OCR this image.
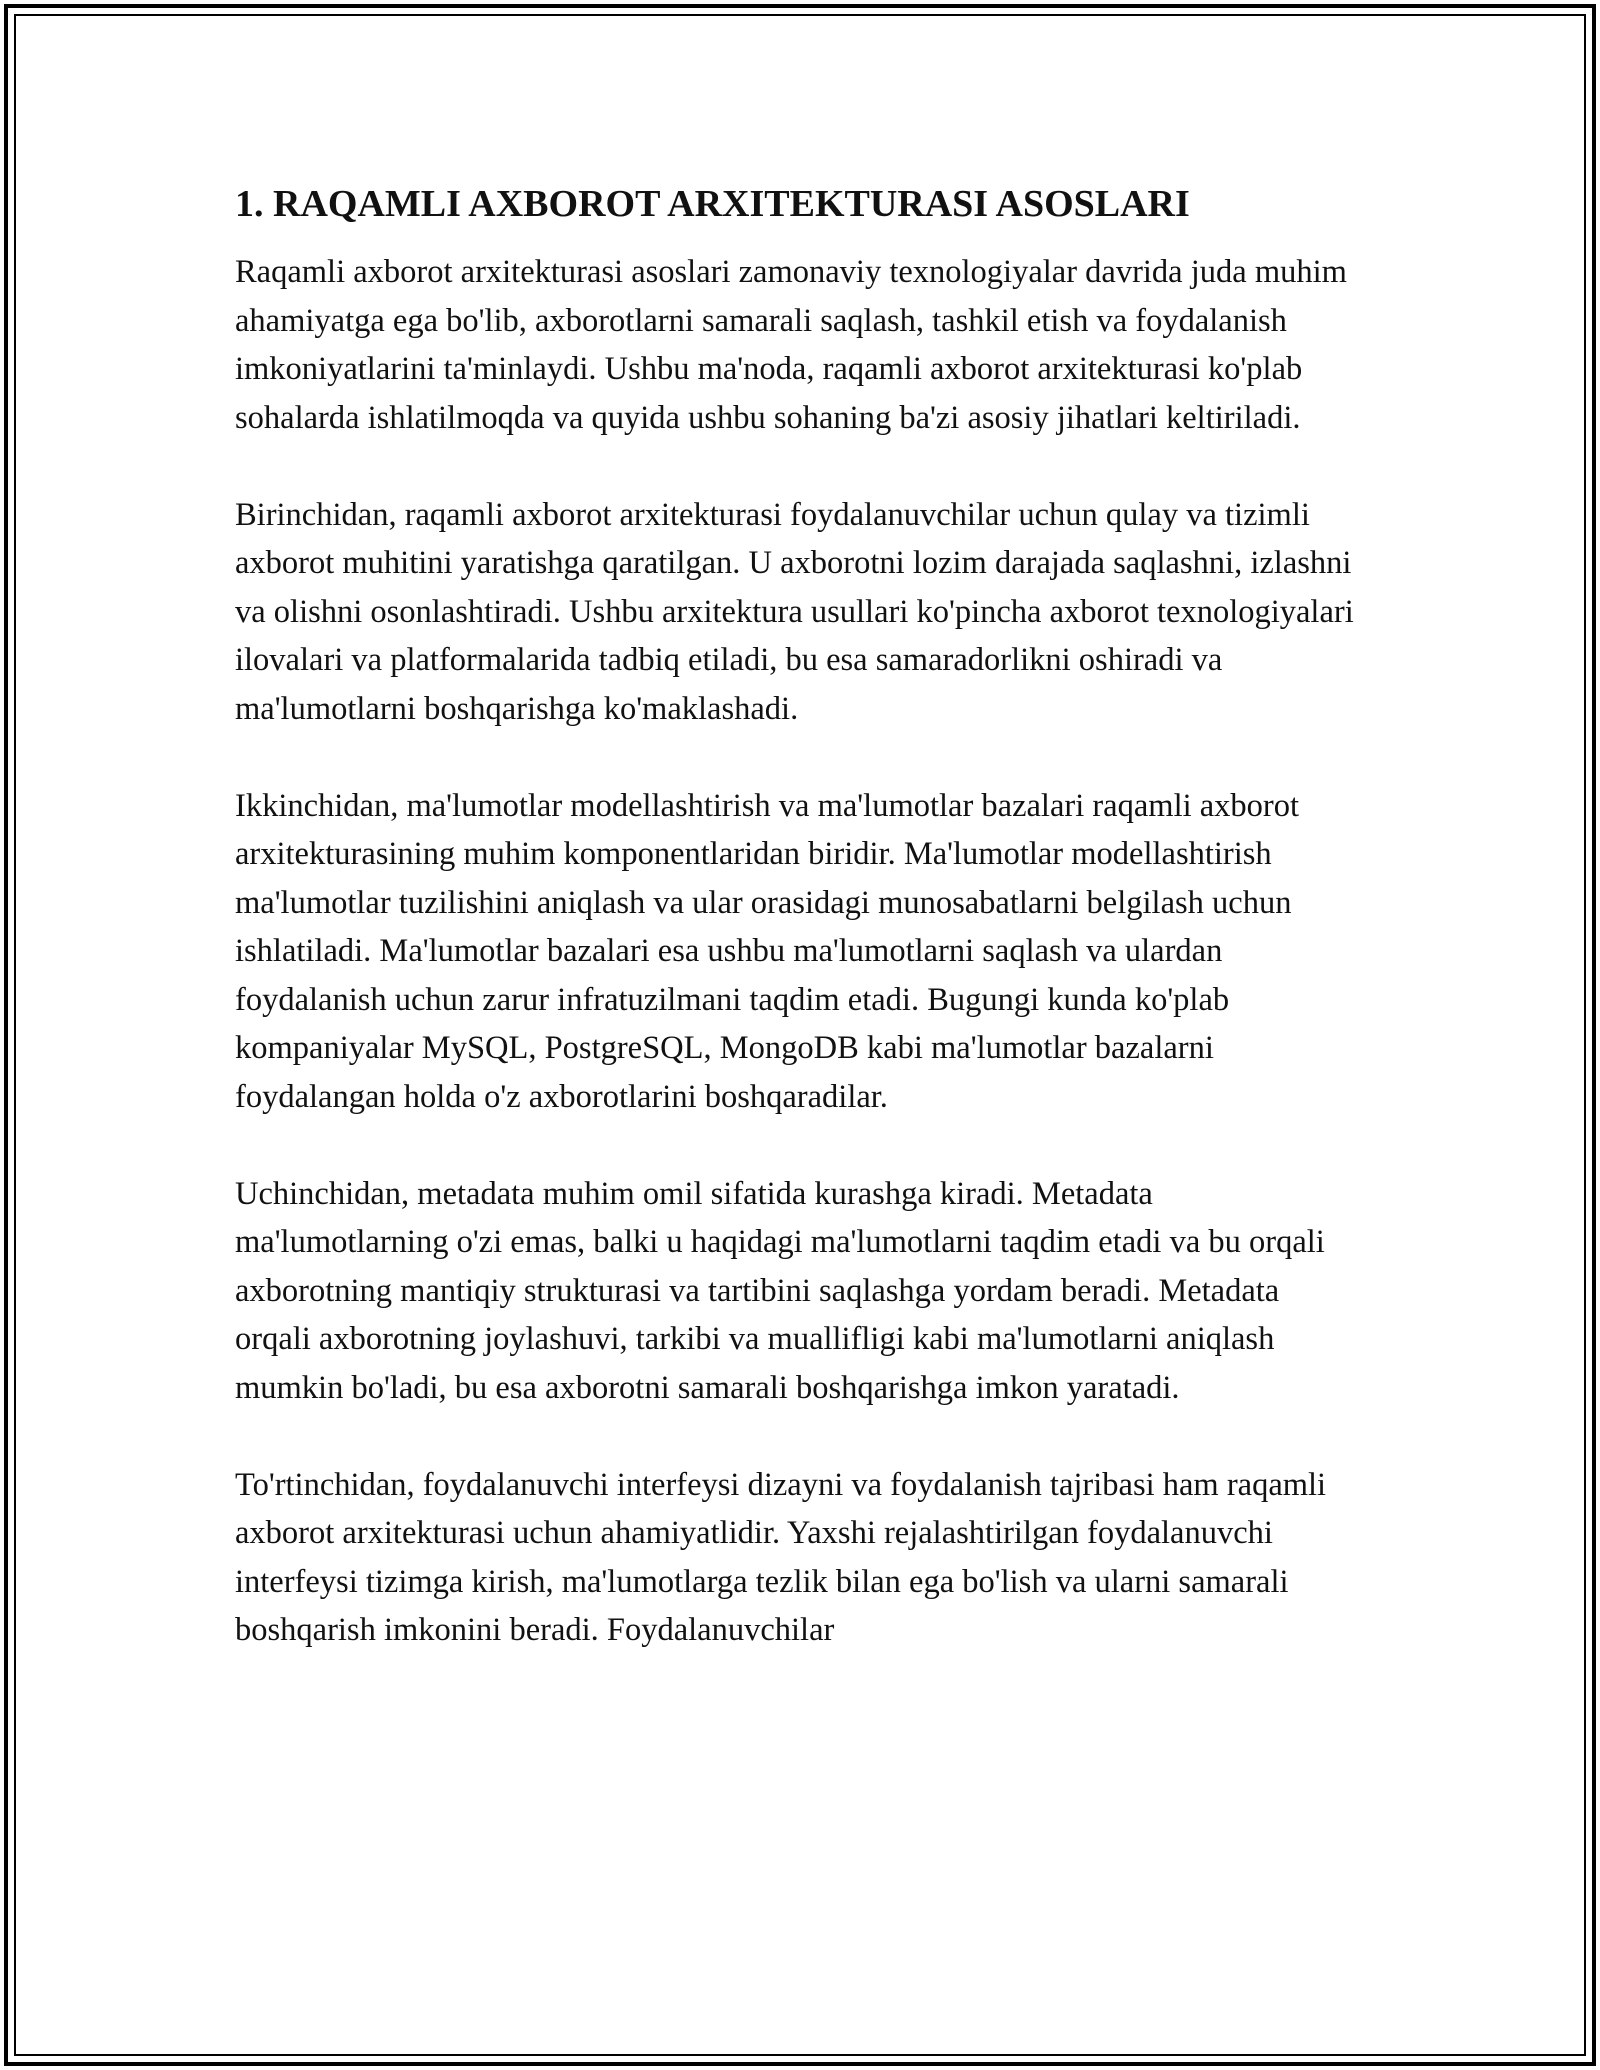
1. RAQAMLI AXBOROT ARXITEKTURASI ASOSLARI

Raqamli axborot arxitekturasi asoslari zamonaviy texnologiyalar davrida juda muhim ahamiyatga ega bo'lib, axborotlarni samarali saqlash, tashkil etish va foydalanish imkoniyatlarini ta'minlaydi. Ushbu ma'noda, raqamli axborot arxitekturasi ko'plab sohalarda ishlatilmoqda va quyida ushbu sohaning ba'zi asosiy jihatlari keltiriladi.

Birinchidan, raqamli axborot arxitekturasi foydalanuvchilar uchun qulay va tizimli axborot muhitini yaratishga qaratilgan. U axborotni lozim darajada saqlashni, izlashni va olishni osonlashtiradi. Ushbu arxitektura usullari ko'pincha axborot texnologiyalari ilovalari va platformalarida tadbiq etiladi, bu esa samaradorlikni oshiradi va ma'lumotlarni boshqarishga ko'maklashadi.

Ikkinchidan, ma'lumotlar modellashtirish va ma'lumotlar bazalari raqamli axborot arxitekturasining muhim komponentlaridan biridir. Ma'lumotlar modellashtirish ma'lumotlar tuzilishini aniqlash va ular orasidagi munosabatlarni belgilash uchun ishlatiladi. Ma'lumotlar bazalari esa ushbu ma'lumotlarni saqlash va ulardan foydalanish uchun zarur infratuzilmani taqdim etadi. Bugungi kunda ko'plab kompaniyalar MySQL, PostgreSQL, MongoDB kabi ma'lumotlar bazalarni foydalangan holda o'z axborotlarini boshqaradilar.

Uchinchidan, metadata muhim omil sifatida kurashga kiradi. Metadata ma'lumotlarning o'zi emas, balki u haqidagi ma'lumotlarni taqdim etadi va bu orqali axborotning mantiqiy strukturasi va tartibini saqlashga yordam beradi. Metadata orqali axborotning joylashuvi, tarkibi va muallifligi kabi ma'lumotlarni aniqlash mumkin bo'ladi, bu esa axborotni samarali boshqarishga imkon yaratadi.

To'rtinchidan, foydalanuvchi interfeysi dizayni va foydalanish tajribasi ham raqamli axborot arxitekturasi uchun ahamiyatlidir. Yaxshi rejalashtirilgan foydalanuvchi interfeysi tizimga kirish, ma'lumotlarga tezlik bilan ega bo'lish va ularni samarali boshqarish imkonini beradi. Foydalanuvchilar
